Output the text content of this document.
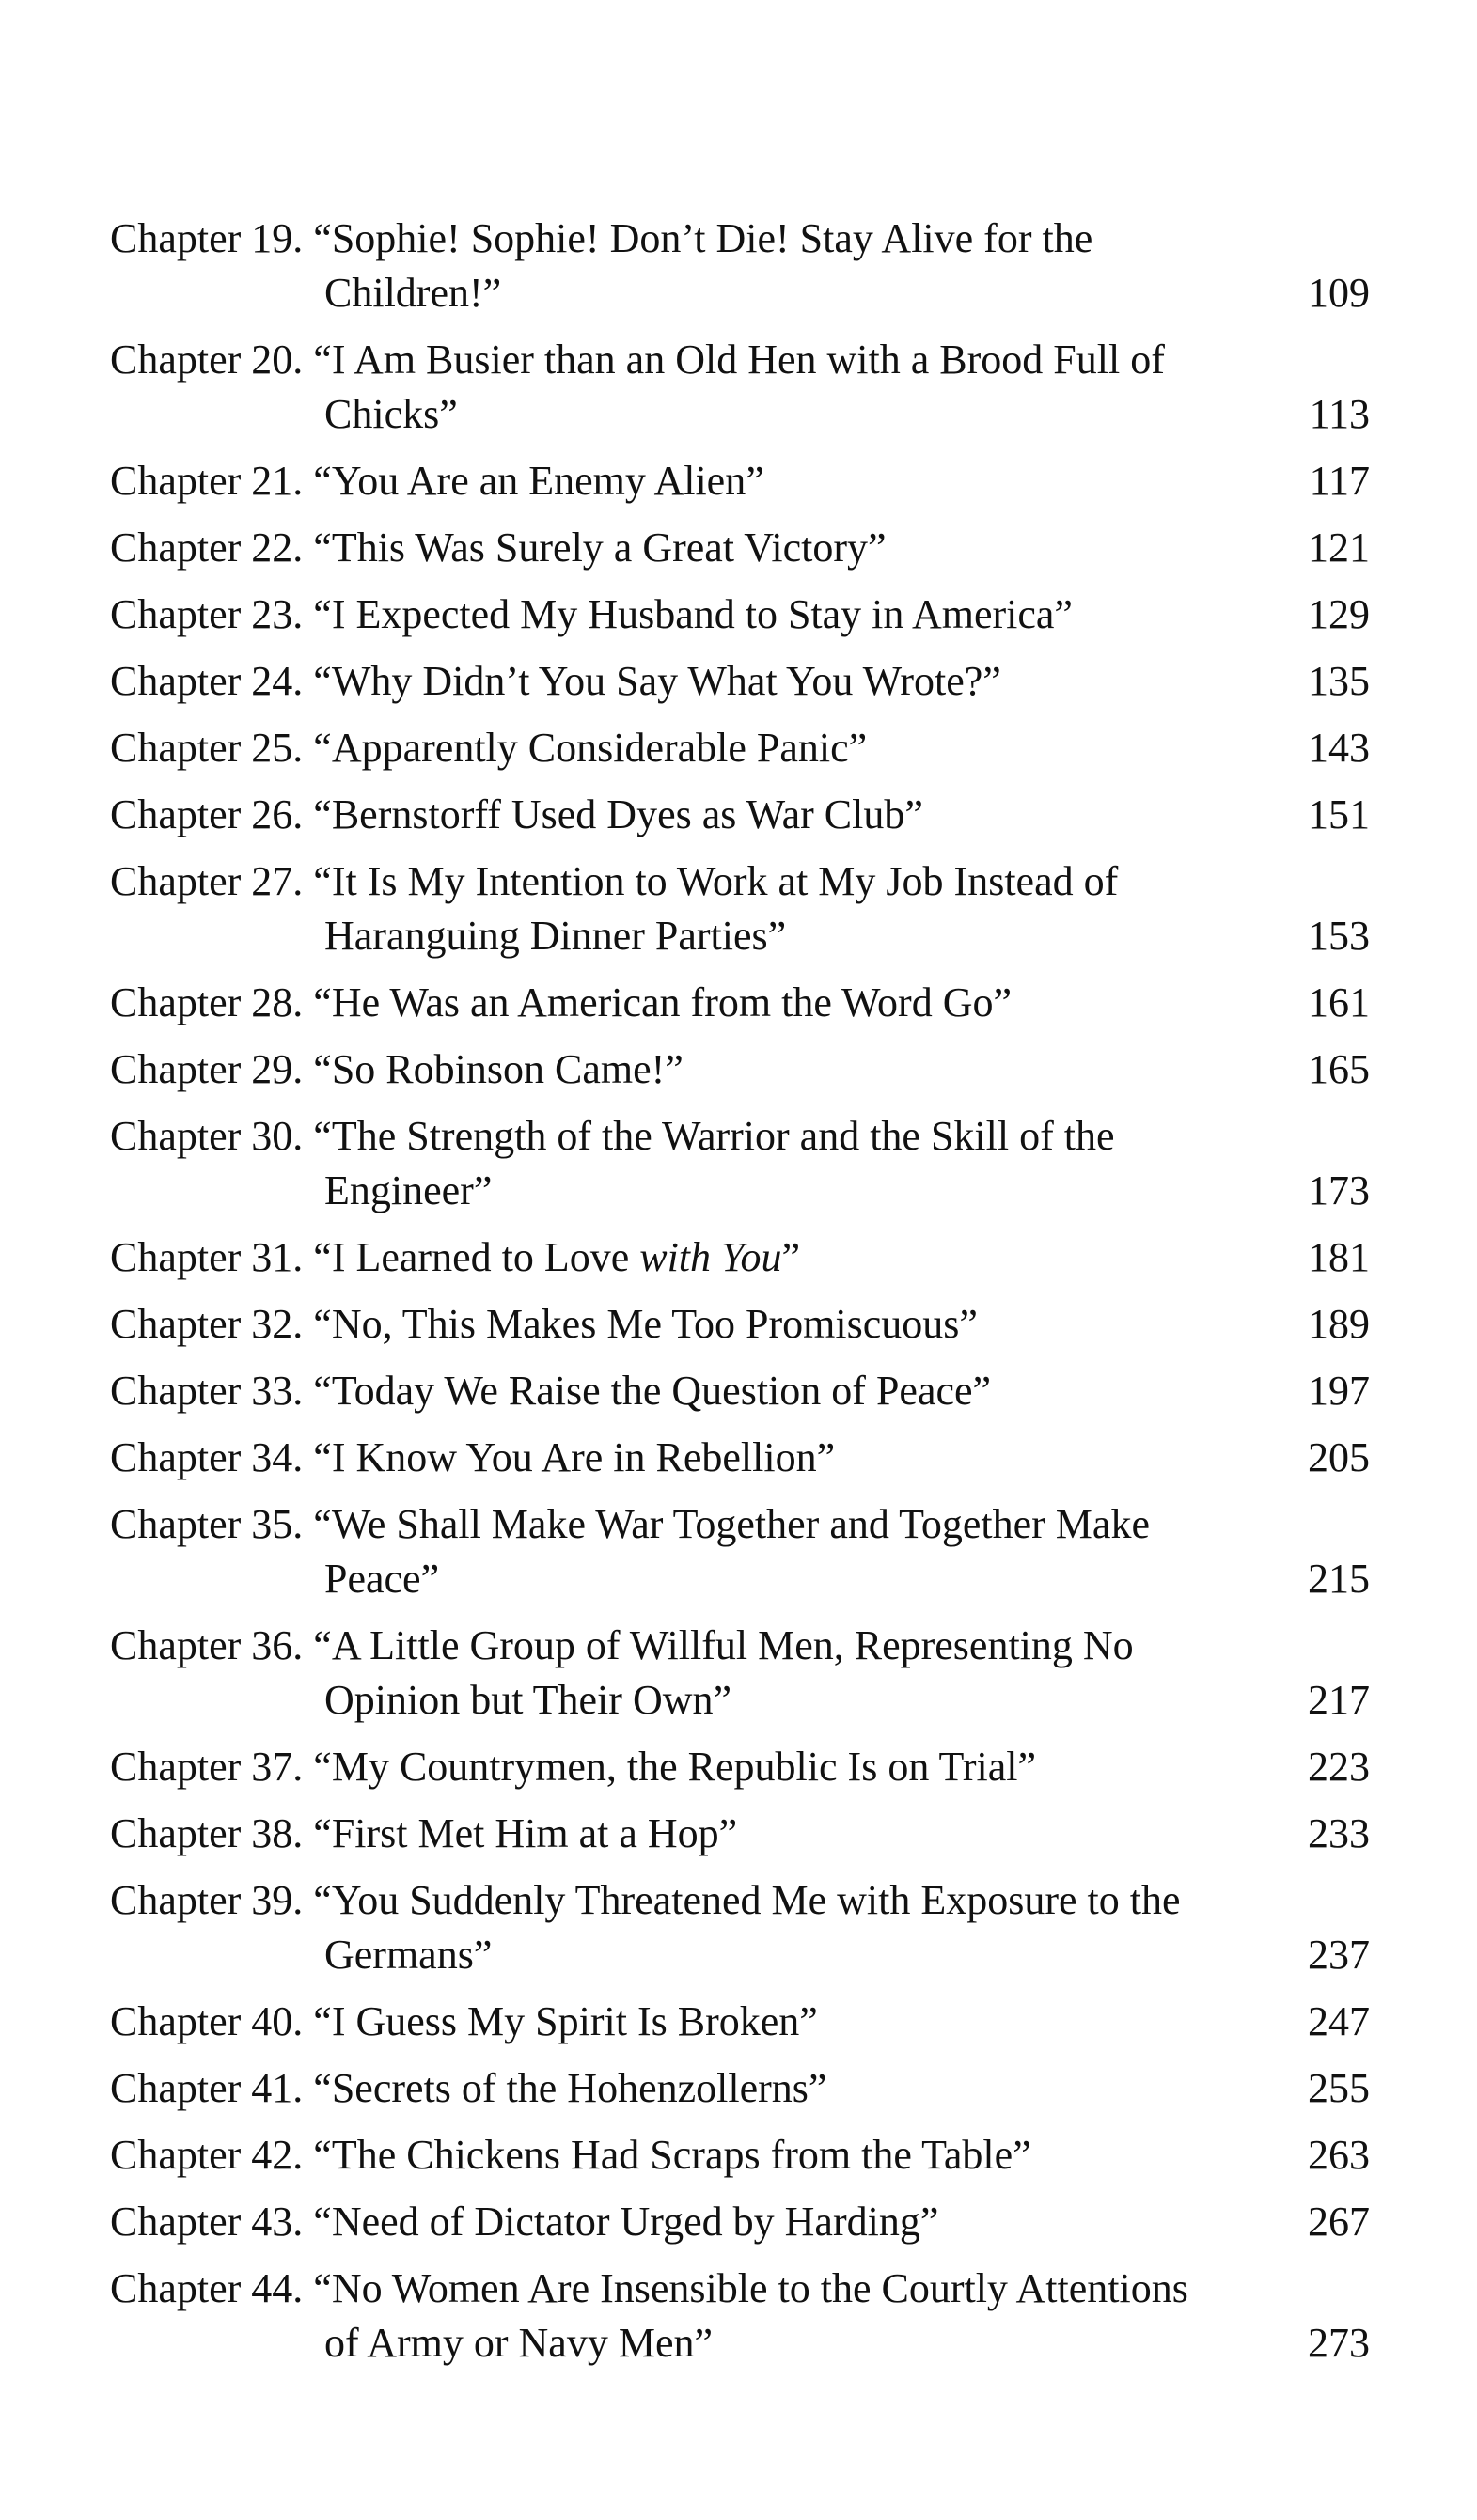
Chapter 19. “Sophie! Sophie! Don’t Die! Stay Alive for the Children!”	109
Chapter 20. “I Am Busier than an Old Hen with a Brood Full of Chicks”	113
Chapter 21. “You Are an Enemy Alien”	117
Chapter 22. “This Was Surely a Great Victory”	121
Chapter 23. “I Expected My Husband to Stay in America”	129
Chapter 24. “Why Didn’t You Say What You Wrote?”	135
Chapter 25. “Apparently Considerable Panic”	143
Chapter 26. “Bernstorff Used Dyes as War Club”	151
Chapter 27. “It Is My Intention to Work at My Job Instead of Haranguing Dinner Parties”	153
Chapter 28. “He Was an American from the Word Go”	161
Chapter 29. “So Robinson Came!”	165
Chapter 30. “The Strength of the Warrior and the Skill of the Engineer”	173
Chapter 31. “I Learned to Love with You”	181
Chapter 32. “No, This Makes Me Too Promiscuous”	189
Chapter 33. “Today We Raise the Question of Peace”	197
Chapter 34. “I Know You Are in Rebellion”	205
Chapter 35. “We Shall Make War Together and Together Make Peace”	215
Chapter 36. “A Little Group of Willful Men, Representing No Opinion but Their Own”	217
Chapter 37. “My Countrymen, the Republic Is on Trial”	223
Chapter 38. “First Met Him at a Hop”	233
Chapter 39. “You Suddenly Threatened Me with Exposure to the Germans”	237
Chapter 40. “I Guess My Spirit Is Broken”	247
Chapter 41. “Secrets of the Hohenzollerns”	255
Chapter 42. “The Chickens Had Scraps from the Table”	263
Chapter 43. “Need of Dictator Urged by Harding”	267
Chapter 44. “No Women Are Insensible to the Courtly Attentions of Army or Navy Men”	273
